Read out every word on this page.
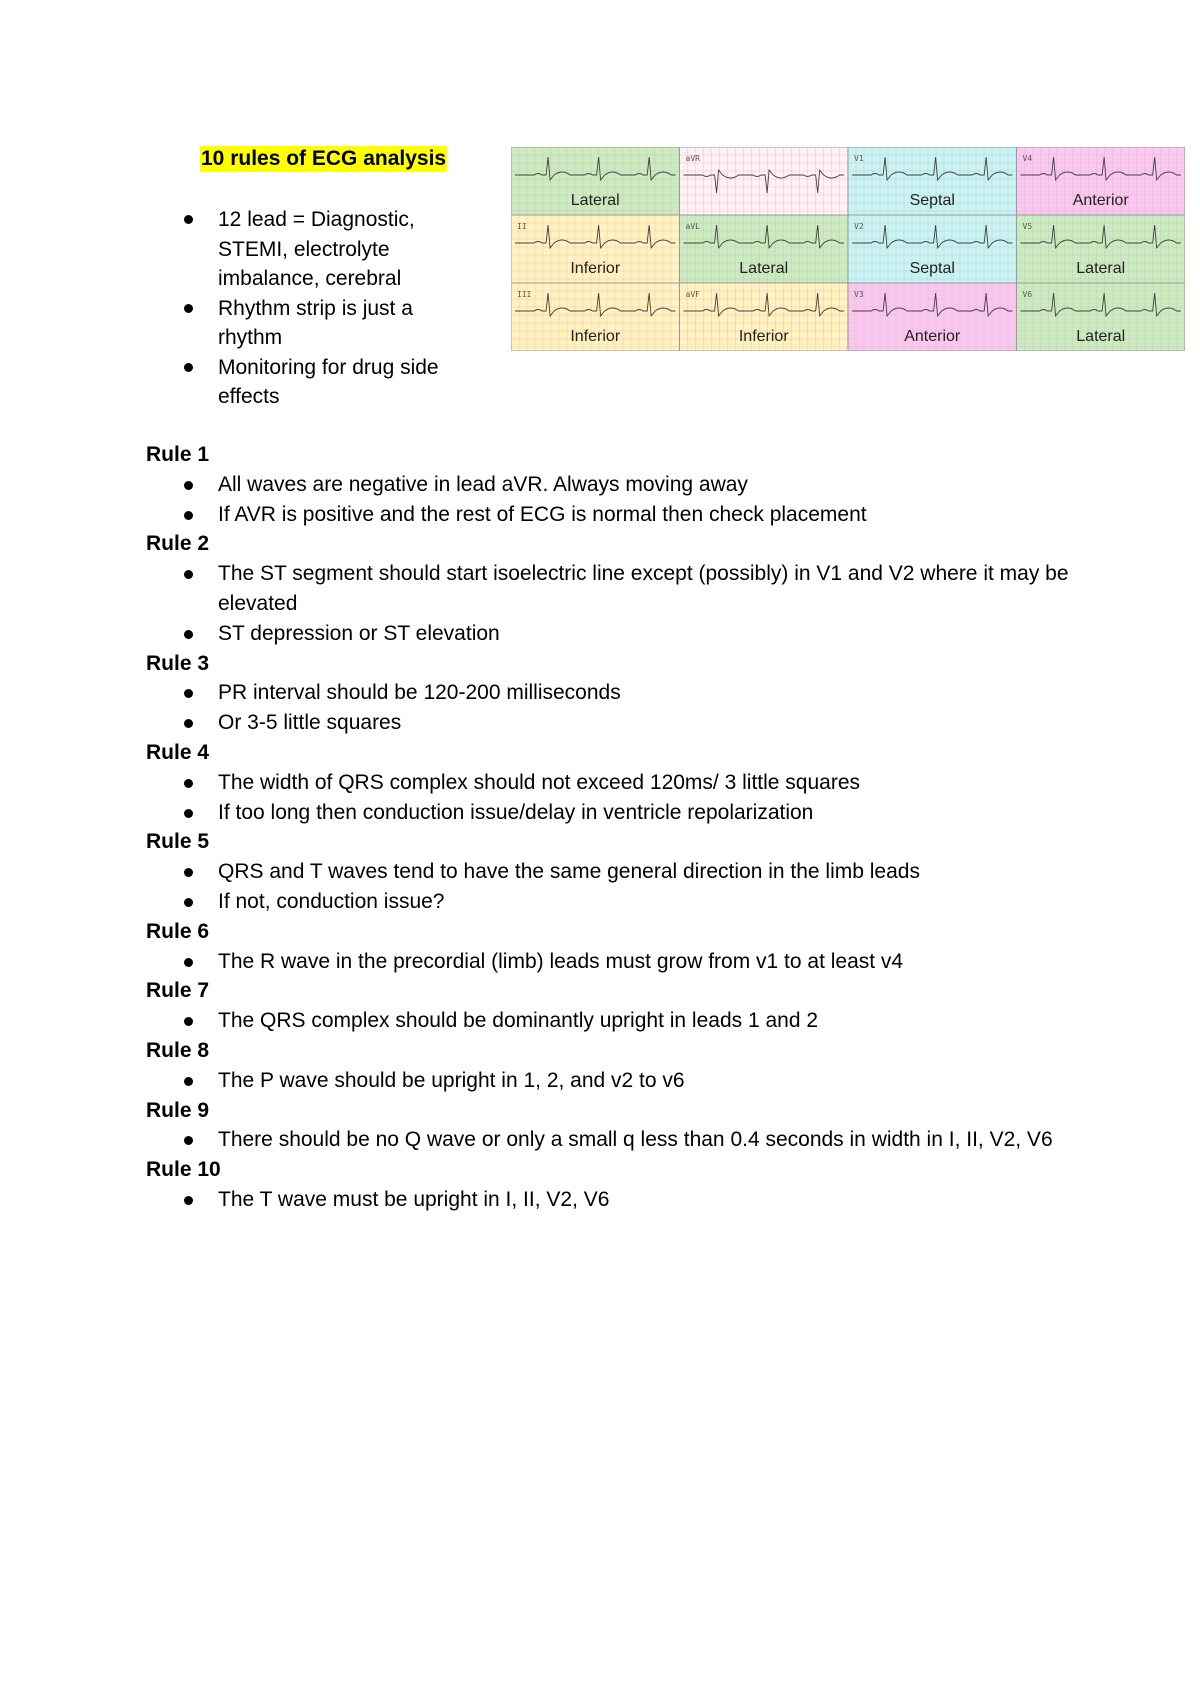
10 rules of ECG analysis
12 lead = Diagnostic, STEMI, electrolyte imbalance, cerebral
Rhythm strip is just a rhythm
Monitoring for drug side effects
Lateral
aVR	V1
Septal
V4
Anterior
II
Inferior
aVL
Lateral
V2
Septal
V5
Lateral
III
Inferior
aVF
Inferior
V3
Anterior
V6
Lateral

Rule 1

All waves are negative in lead aVR. Always moving away
If AVR is positive and the rest of ECG is normal then check placement

Rule 2

The ST segment should start isoelectric line except (possibly) in V1 and V2 where it may be elevated
ST depression or ST elevation

Rule 3

PR interval should be 120-200 milliseconds
Or 3-5 little squares

Rule 4

The width of QRS complex should not exceed 120ms/ 3 little squares
If too long then conduction issue/delay in ventricle repolarization

Rule 5

QRS and T waves tend to have the same general direction in the limb leads
If not, conduction issue?

Rule 6

The R wave in the precordial (limb) leads must grow from v1 to at least v4

Rule 7

The QRS complex should be dominantly upright in leads 1 and 2

Rule 8

The P wave should be upright in 1, 2, and v2 to v6

Rule 9

There should be no Q wave or only a small q less than 0.4 seconds in width in I, II, V2, V6

Rule 10

The T wave must be upright in I, II, V2, V6
